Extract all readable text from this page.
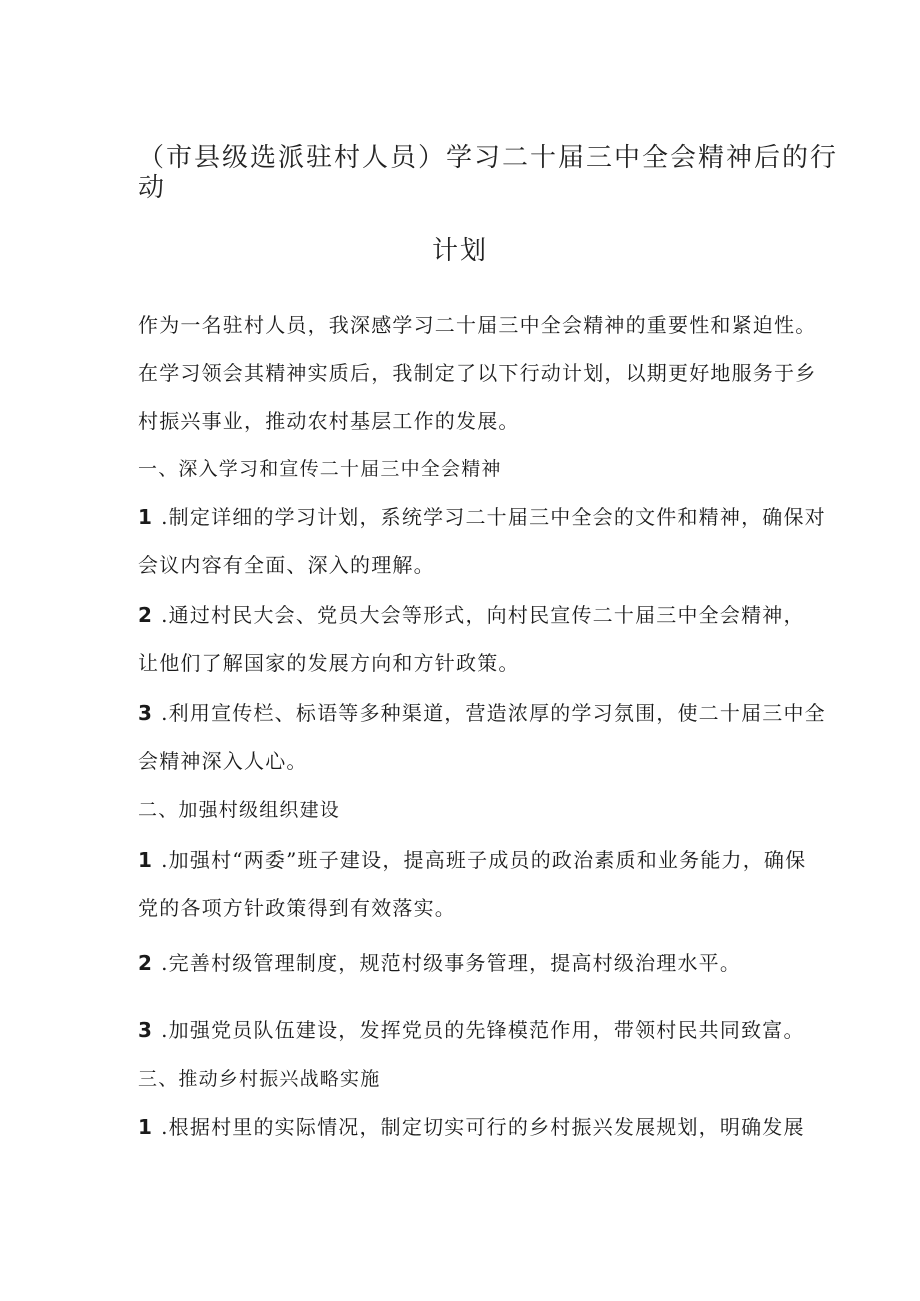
（市县级选派驻村人员）学习二十届三中全会精神后的行
动
计划
作为一名驻村人员，我深感学习二十届三中全会精神的重要性和紧迫性。
在学习领会其精神实质后，我制定了以下行动计划，以期更好地服务于乡
村振兴事业，推动农村基层工作的发展。
一、深入学习和宣传二十届三中全会精神
1 .制定详细的学习计划，系统学习二十届三中全会的文件和精神，确保对
会议内容有全面、深入的理解。
2 .通过村民大会、党员大会等形式，向村民宣传二十届三中全会精神，
让他们了解国家的发展方向和方针政策。
3 .利用宣传栏、标语等多种渠道，营造浓厚的学习氛围，使二十届三中全
会精神深入人心。
二、加强村级组织建设
1 .加强村“两委”班子建设，提高班子成员的政治素质和业务能力，确保
党的各项方针政策得到有效落实。
2 .完善村级管理制度，规范村级事务管理，提高村级治理水平。
3 .加强党员队伍建设，发挥党员的先锋模范作用，带领村民共同致富。
三、推动乡村振兴战略实施
1 .根据村里的实际情况，制定切实可行的乡村振兴发展规划，明确发展
